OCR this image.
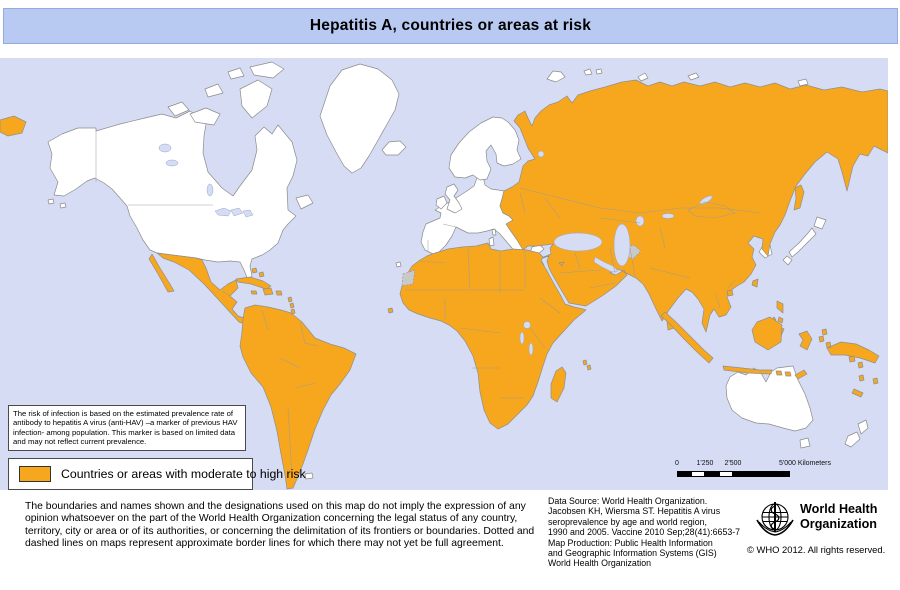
Hepatitis A, countries or areas at risk
The risk of infection is based on the estimated prevalence rate of antibody to hepatitis A virus (anti-HAV) –a marker of previous HAV infection- among population. This marker is based on limited data and may not reflect current prevalence.
Countries or areas with moderate to high risk
0	1'250 2'500	5'000 Kilometers
The boundaries and names shown and the designations used on this map do not imply the expression of any opinion whatsoever on the part of the World Health Organization concerning the legal status of any country, territory, city or area or of its authorities, or concerning the delimitation of its frontiers or boundaries. Dotted and dashed lines on maps represent approximate border lines for which there may not yet be full agreement.
Data Source: World Health Organization.
Jacobsen KH, Wiersma ST. Hepatitis A virus
seroprevalence by age and world region,
1990 and 2005. Vaccine 2010 Sep;28(41):6653-7
Map Production: Public Health Information
and Geographic Information Systems (GIS)
World Health Organization
World Health
Organization
© WHO 2012. All rights reserved.
